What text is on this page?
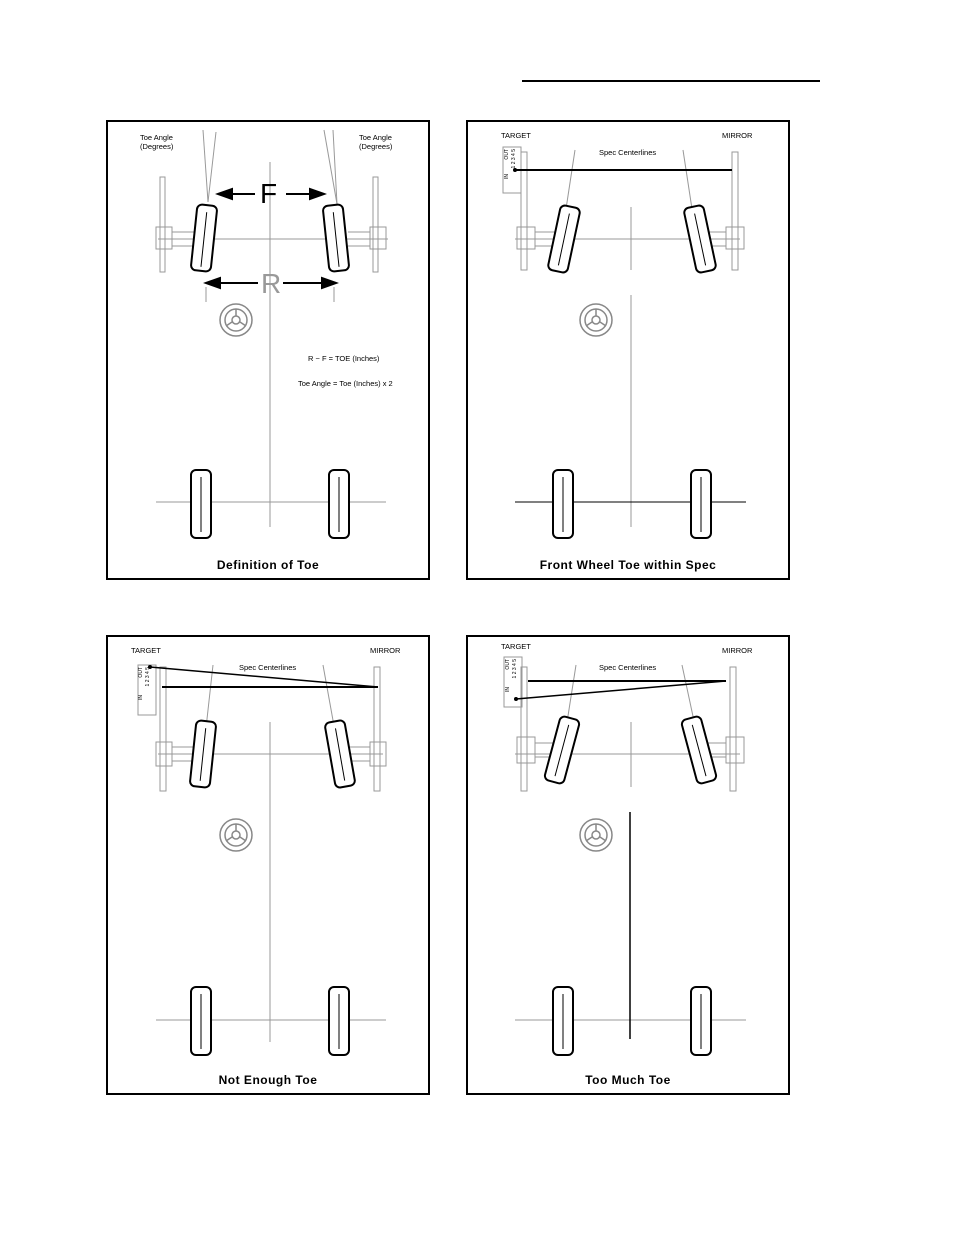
Toe Angle
(Degrees)
Toe Angle
(Degrees)
F
R
R − F = TOE (Inches)
Toe Angle = Toe (Inches) x 2
Definition of Toe
TARGET	MIRROR
Spec Centerlines
OUT 1 2 3 4 5
IN
Front Wheel Toe within Spec
TARGET	MIRROR
Spec Centerlines
OUT 1 2 3 4 5
IN
Not Enough Toe
TARGET	MIRROR
Spec Centerlines
OUT 1 2 3 4 5
IN
Too Much Toe
